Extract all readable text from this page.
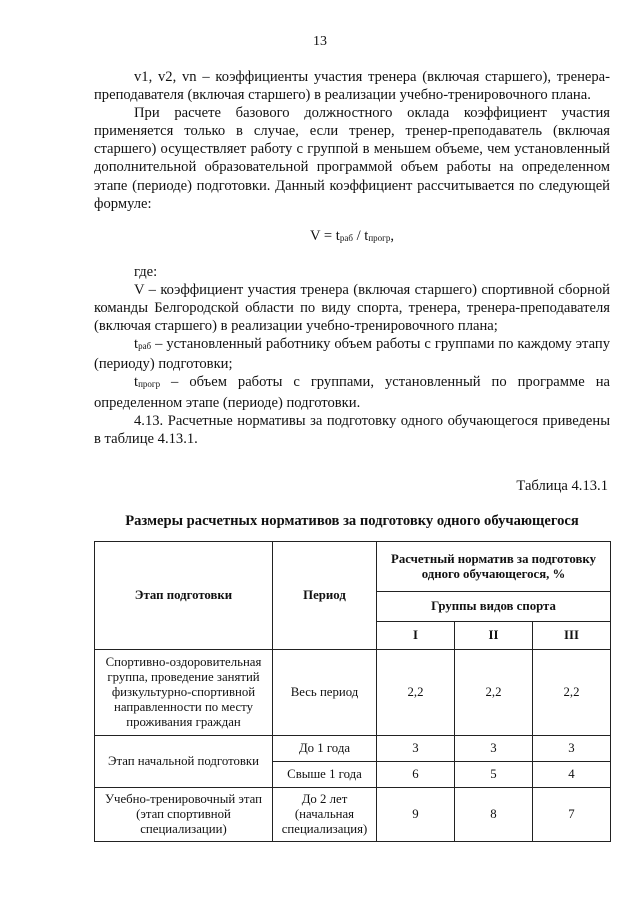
13

v1, v2, vn – коэффициенты участия тренера (включая старшего), тренера-преподавателя (включая старшего) в реализации учебно-тренировочного плана.

При расчете базового должностного оклада коэффициент участия применяется только в случае, если тренер, тренер-преподаватель (включая старшего) осуществляет работу с группой в меньшем объеме, чем установленный дополнительной образовательной программой объем работы на определенном этапе (периоде) подготовки. Данный коэффициент рассчитывается по следующей формуле:

$V = t_{раб} / t_{прогр}$,

где:

V – коэффициент участия тренера (включая старшего) спортивной сборной команды Белгородской области по виду спорта, тренера, тренера-преподавателя (включая старшего) в реализации учебно-тренировочного плана;

$t_{раб}$ – установленный работнику объем работы с группами по каждому этапу (периоду) подготовки;

$t_{прогр}$ – объем работы с группами, установленный по программе на определенном этапе (периоде) подготовки.

4.13. Расчетные нормативы за подготовку одного обучающегося приведены в таблице 4.13.1.

Таблица 4.13.1
Размеры расчетных нормативов за подготовку одного обучающегося
Этап подготовки	Период	Расчетный норматив за подготовку одного обучающегося, %		
		Группы видов спорта		
		I	II	III
Спортивно-оздоровительная группа, проведение занятий физкультурно-спортивной направленности по месту проживания граждан	Весь период	2,2	2,2	2,2
Этап начальной подготовки	До 1 года	3	3	3
	Свыше 1 года	6	5	4
Учебно-тренировочный этап (этап спортивной специализации)	До 2 лет (начальная специализация)	9	8	7
